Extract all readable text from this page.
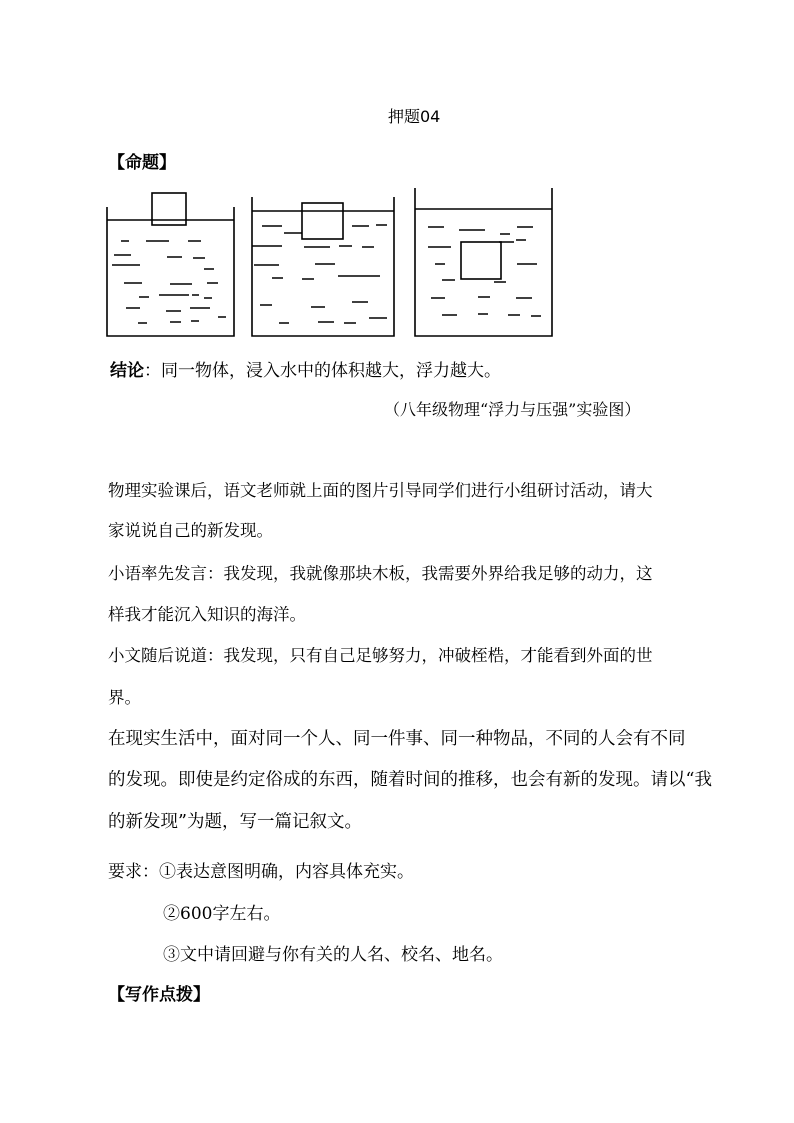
押题04
【命题】
结论：同一物体，浸入水中的体积越大，浮力越大。
（八年级物理“浮力与压强”实验图）
物理实验课后，语文老师就上面的图片引导同学们进行小组研讨活动，请大
家说说自己的新发现。
小语率先发言：我发现，我就像那块木板，我需要外界给我足够的动力，这
样我才能沉入知识的海洋。
小文随后说道：我发现，只有自己足够努力，冲破桎梏，才能看到外面的世
界。
在现实生活中，面对同一个人、同一件事、同一种物品，不同的人会有不同
的发现。即使是约定俗成的东西，随着时间的推移，也会有新的发现。请以“我
的新发现”为题，写一篇记叙文。
要求：①表达意图明确，内容具体充实。
②600字左右。
③文中请回避与你有关的人名、校名、地名。
【写作点拨】
